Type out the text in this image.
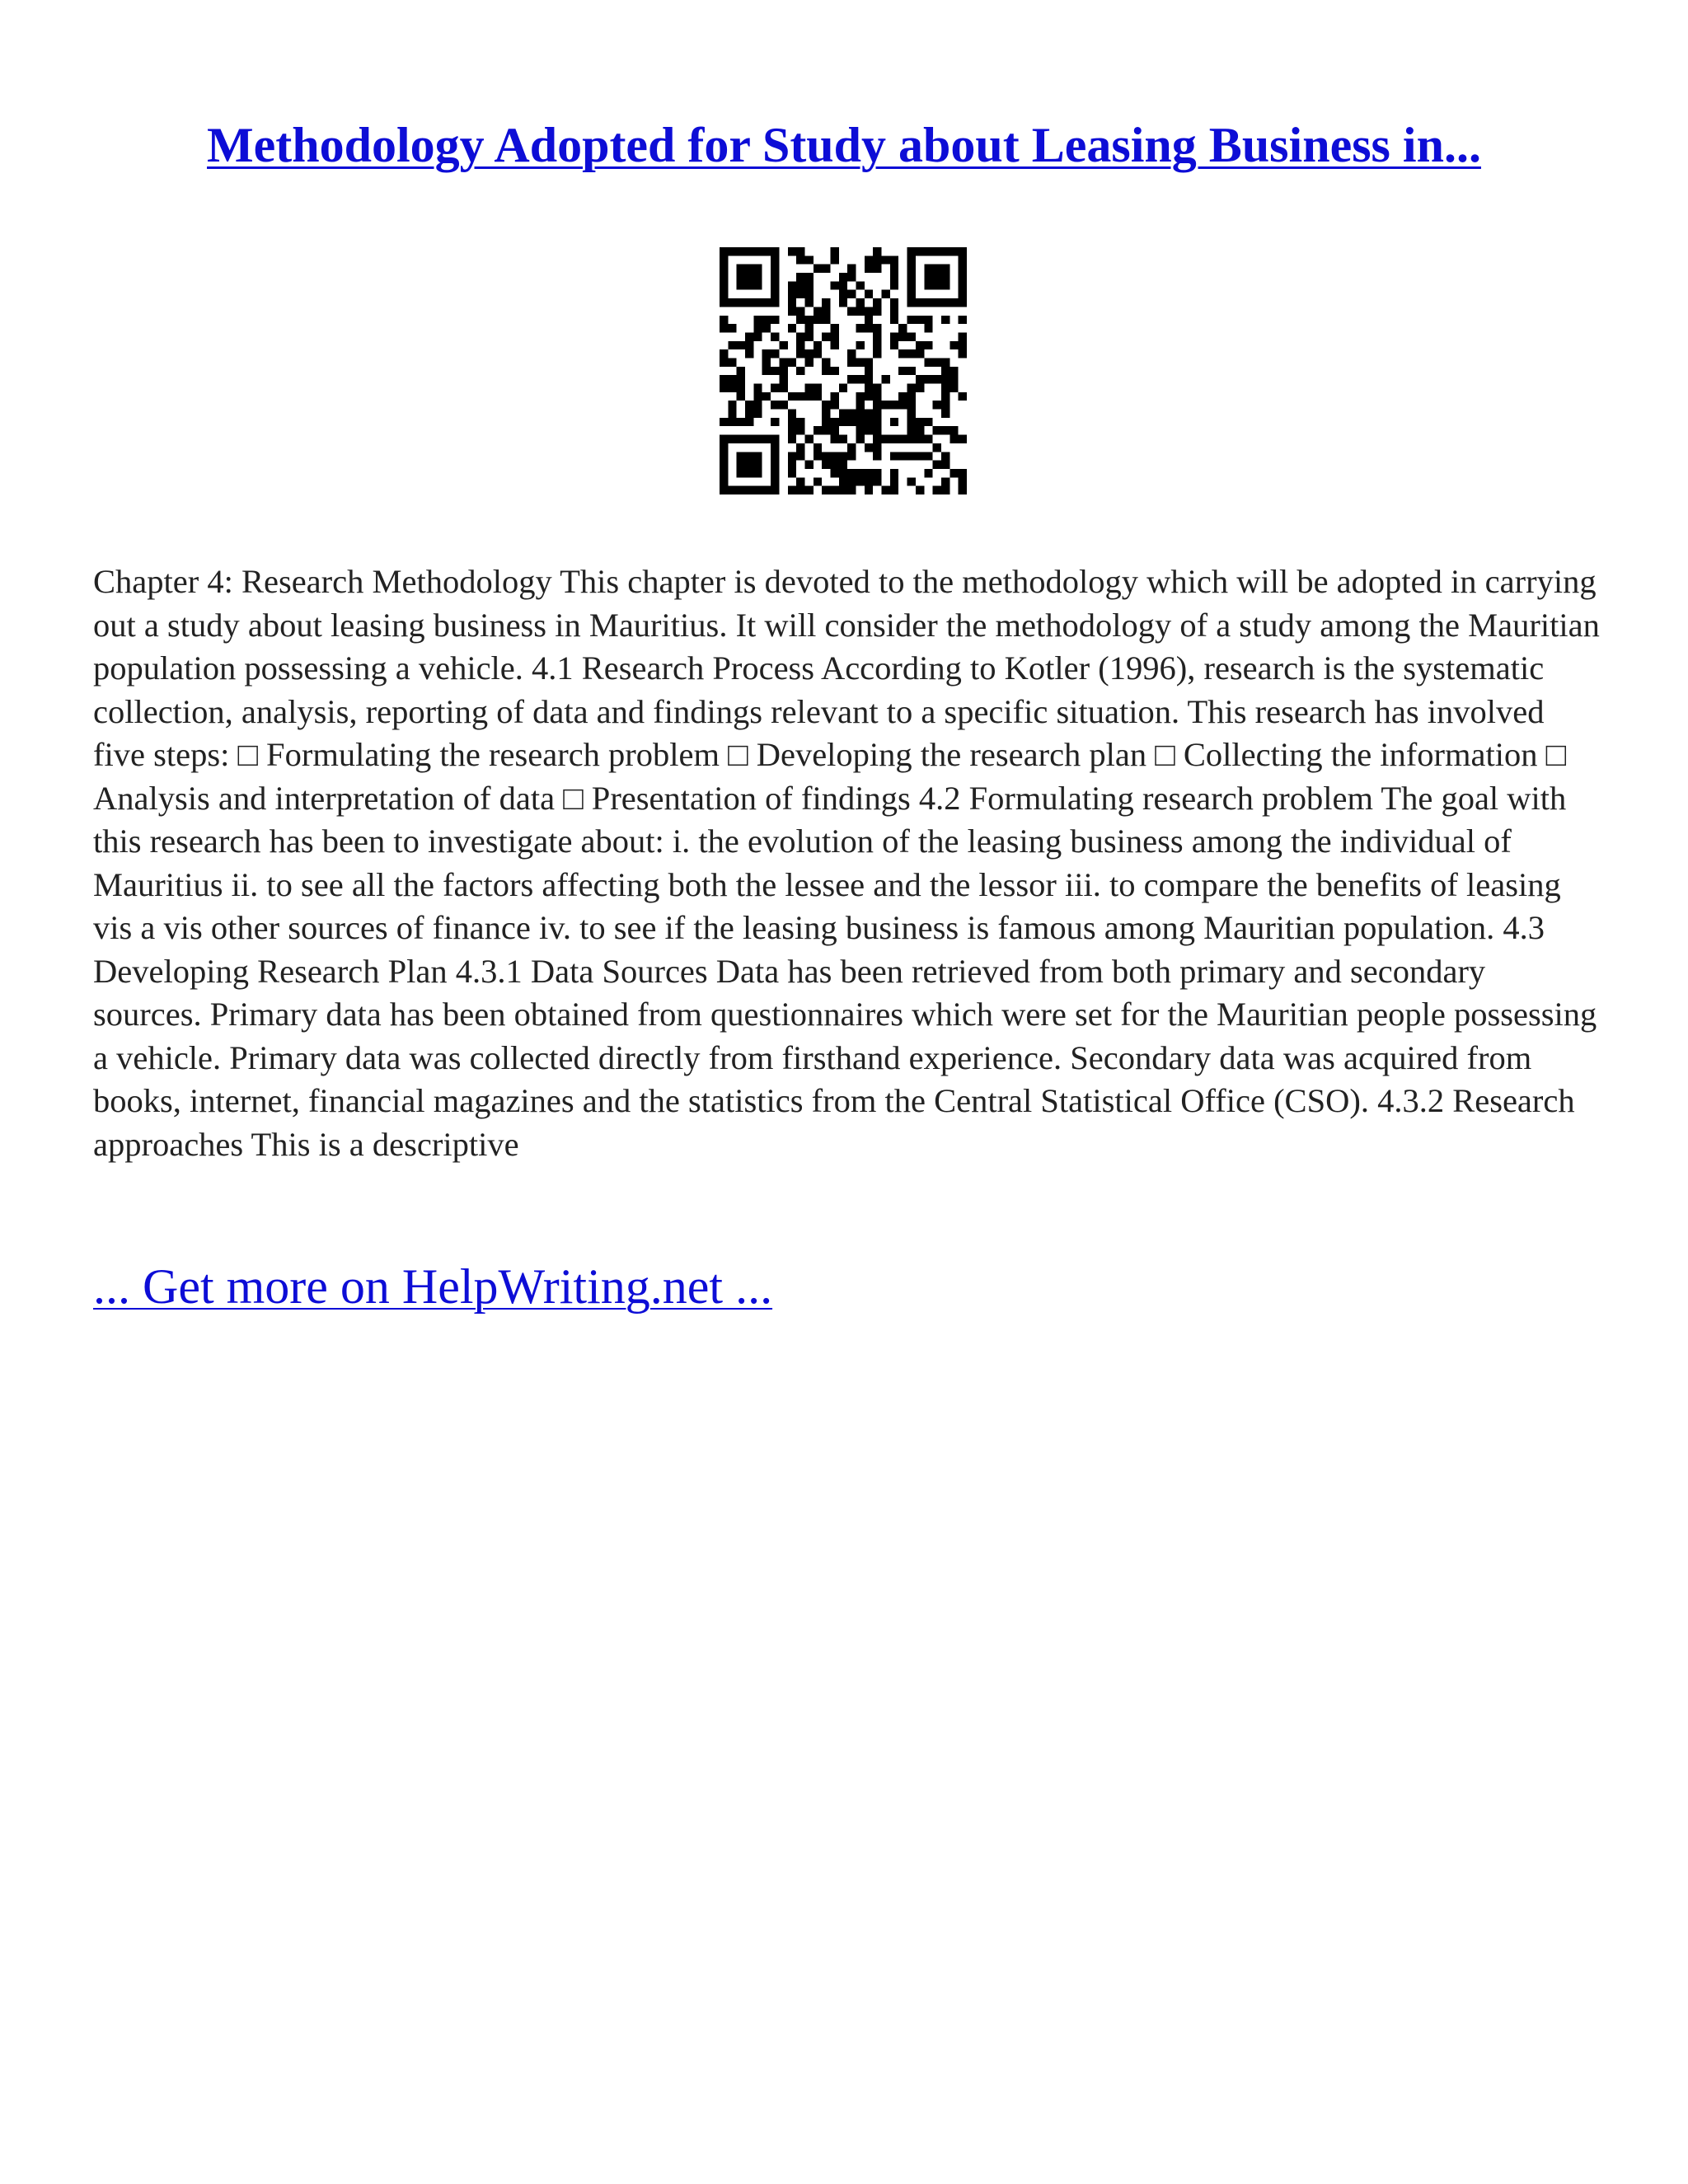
Methodology Adopted for Study about Leasing Business in...

Chapter 4: Research Methodology This chapter is devoted to the methodology which will be adopted in carrying out a study about leasing business in Mauritius. It will consider the methodology of a study among the Mauritian population possessing a vehicle. 4.1 Research Process According to Kotler (1996), research is the systematic collection, analysis, reporting of data and findings relevant to a specific situation. This research has involved five steps: □ Formulating the research problem □ Developing the research plan □ Collecting the information □ Analysis and interpretation of data □ Presentation of findings 4.2 Formulating research problem The goal with this research has been to investigate about: i. the evolution of the leasing business among the individual of Mauritius ii. to see all the factors affecting both the lessee and the lessor iii. to compare the benefits of leasing vis a vis other sources of finance iv. to see if the leasing business is famous among Mauritian population. 4.3 Developing Research Plan 4.3.1 Data Sources Data has been retrieved from both primary and secondary sources. Primary data has been obtained from questionnaires which were set for the Mauritian people possessing a vehicle. Primary data was collected directly from firsthand experience. Secondary data was acquired from books, internet, financial magazines and the statistics from the Central Statistical Office (CSO). 4.3.2 Research approaches This is a descriptive

... Get more on HelpWriting.net ...
